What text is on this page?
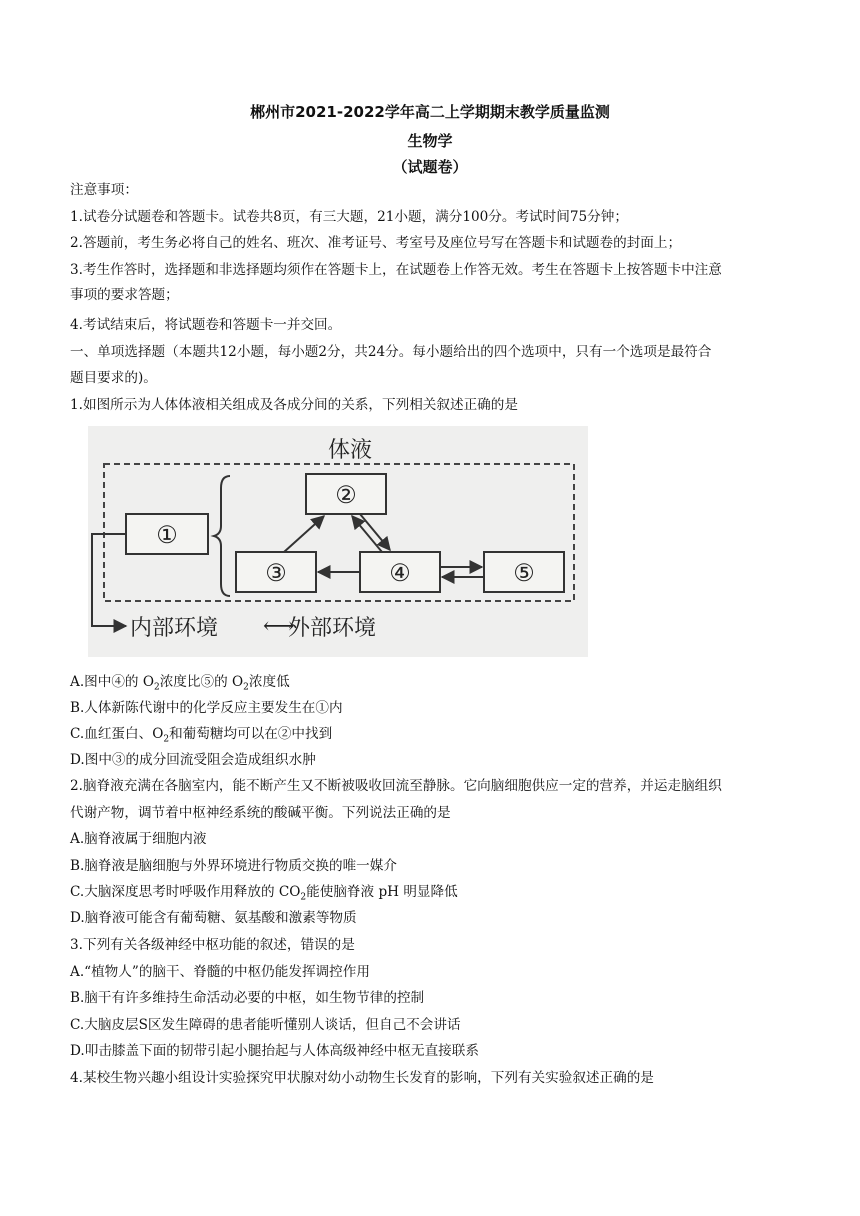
郴州市2021-2022学年高二上学期期末教学质量监测
生物学
（试题卷）
注意事项：
1.试卷分试题卷和答题卡。试卷共8页，有三大题，21小题，满分100分。考试时间75分钟；
2.答题前，考生务必将自己的姓名、班次、准考证号、考室号及座位号写在答题卡和试题卷的封面上；
3.考生作答时，选择题和非选择题均须作在答题卡上，在试题卷上作答无效。考生在答题卡上按答题卡中注意
事项的要求答题；
4.考试结束后，将试题卷和答题卡一并交回。
一、单项选择题（本题共12小题，每小题2分，共24分。每小题给出的四个选项中，只有一个选项是最符合
题目要求的)。
1.如图所示为人体体液相关组成及各成分间的关系，下列相关叙述正确的是
体液
①
②
③	④	⑤
内部环境 ⟷
外部环境
A.图中④的 $O_2$浓度比⑤的 $O_2$浓度低
B.人体新陈代谢中的化学反应主要发生在①内
C.血红蛋白、$O_2$和葡萄糖均可以在②中找到
D.图中③的成分回流受阻会造成组织水肿
2.脑脊液充满在各脑室内，能不断产生又不断被吸收回流至静脉。它向脑细胞供应一定的营养，并运走脑组织
代谢产物，调节着中枢神经系统的酸碱平衡。下列说法正确的是
A.脑脊液属于细胞内液
B.脑脊液是脑细胞与外界环境进行物质交换的唯一媒介
C.大脑深度思考时呼吸作用释放的 $CO_2$能使脑脊液 pH 明显降低
D.脑脊液可能含有葡萄糖、氨基酸和激素等物质
3.下列有关各级神经中枢功能的叙述，错误的是
A.“植物人”的脑干、脊髓的中枢仍能发挥调控作用
B.脑干有许多维持生命活动必要的中枢，如生物节律的控制
C.大脑皮层S区发生障碍的患者能听懂别人谈话，但自己不会讲话
D.叩击膝盖下面的韧带引起小腿抬起与人体高级神经中枢无直接联系
4.某校生物兴趣小组设计实验探究甲状腺对幼小动物生长发育的影响，下列有关实验叙述正确的是
